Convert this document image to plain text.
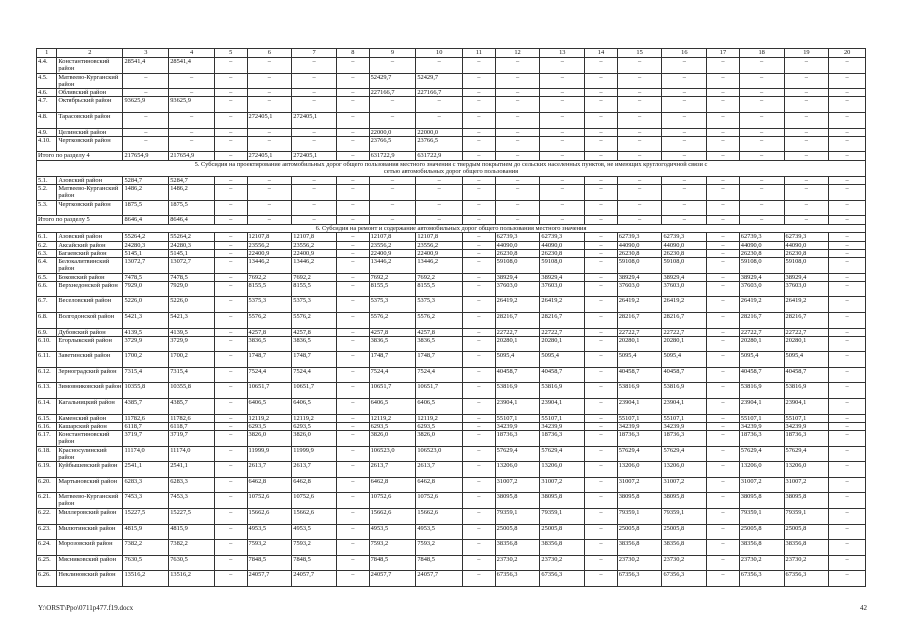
1	2	3	4	5	6	7	8	9	10	11	12	13	14	15	16	17	18	19	20
4.4.	Константиновский район	28541,4	28541,4	–	–	–	–	–	–	–	–	–	–	–	–	–	–	–	–
4.5.	Матвеево-Курганский район	–	–	–	–	–	–	52429,7	52429,7	–	–	–	–	–	–	–	–	–	–
4.6.	Обливский район	–	–	–	–	–	–	227166,7	227166,7	–	–	–	–	–	–	–	–	–	–
4.7.	Октябрьский район	93625,9	93625,9	–	–	–	–	–	–	–	–	–	–	–	–	–	–	–	–
4.8.	Тарасовский район	–	–	–	272405,1	272405,1	–	–	–	–	–	–	–	–	–	–	–	–	–
4.9.	Целинский район	–	–	–	–	–	–	22000,0	22000,0	–	–	–	–	–	–	–	–	–	–
4.10.	Чертковский район	–	–	–	–	–	–	23766,5	23766,5	–	–	–	–	–	–	–	–	–	–
Итого по разделу 4		217654,9	217654,9	–	272405,1	272405,1	–	631722,9	631722,9	–	–	–	–	–	–	–	–	–	–
5. Субсидия на проектирование автомобильных дорог общего пользования местного значения с твердым покрытием до сельских населенных пунктов, не имеющих круглогодичной связи с сетью автомобильных дорог общего пользования																			
5.1.	Азовский район	5284,7	5284,7	–	–	–	–	–	–	–	–	–	–	–	–	–	–	–	–
5.2.	Матвеево-Курганский район	1486,2	1486,2	–	–	–	–	–	–	–	–	–	–	–	–	–	–	–	–
5.3.	Чертковский район	1875,5	1875,5	–	–	–	–	–	–	–	–	–	–	–	–	–	–	–	–
Итого по разделу 5		8646,4	8646,4	–	–	–	–	–	–	–	–	–	–	–	–	–	–	–	–
6. Субсидия на ремонт и содержание автомобильных дорог общего пользования местного значения																			
6.1.	Азовский район	55264,2	55264,2	–	12107,8	12107,8	–	12107,8	12107,8	–	62739,3	62739,3	–	62739,3	62739,3	–	62739,3	62739,3	–
6.2.	Аксайский район	24280,3	24280,3	–	23556,2	23556,2	–	23556,2	23556,2	–	44090,0	44090,0	–	44090,0	44090,0	–	44090,0	44090,0	–
6.3.	Багаевский район	5145,1	5145,1	–	22400,9	22400,9	–	22400,9	22400,9	–	26230,8	26230,8	–	26230,8	26230,8	–	26230,8	26230,8	–
6.4.	Белокалитвинский район	13072,7	13072,7	–	13446,2	13446,2	–	13446,2	13446,2	–	59108,0	59108,0	–	59108,0	59108,0	–	59108,0	59108,0	–
6.5.	Боковский район	7478,5	7478,5	–	7692,2	7692,2	–	7692,2	7692,2	–	38929,4	38929,4	–	38929,4	38929,4	–	38929,4	38929,4	–
6.6.	Верхнедонской район	7929,0	7929,0	–	8155,5	8155,5	–	8155,5	8155,5	–	37603,0	37603,0	–	37603,0	37603,0	–	37603,0	37603,0	–
6.7.	Веселовский район	5226,0	5226,0	–	5375,3	5375,3	–	5375,3	5375,3	–	26419,2	26419,2	–	26419,2	26419,2	–	26419,2	26419,2	–
6.8.	Волгодонской район	5421,3	5421,3	–	5576,2	5576,2	–	5576,2	5576,2	–	28216,7	28216,7	–	28216,7	28216,7	–	28216,7	28216,7	–
6.9.	Дубовский район	4139,5	4139,5	–	4257,8	4257,8	–	4257,8	4257,8	–	22722,7	22722,7	–	22722,7	22722,7	–	22722,7	22722,7	–
6.10.	Егорлыкский район	3729,9	3729,9	–	3836,5	3836,5	–	3836,5	3836,5	–	20280,1	20280,1	–	20280,1	20280,1	–	20280,1	20280,1	–
6.11.	Заветинский район	1700,2	1700,2	–	1748,7	1748,7	–	1748,7	1748,7	–	5095,4	5095,4	–	5095,4	5095,4	–	5095,4	5095,4	–
6.12.	Зерноградский район	7315,4	7315,4	–	7524,4	7524,4	–	7524,4	7524,4	–	40458,7	40458,7	–	40458,7	40458,7	–	40458,7	40458,7	–
6.13.	Зимовниковский район	10355,8	10355,8	–	10651,7	10651,7	–	10651,7	10651,7	–	53816,9	53816,9	–	53816,9	53816,9	–	53816,9	53816,9	–
6.14.	Кагальницкий район	4385,7	4385,7	–	6406,5	6406,5	–	6406,5	6406,5	–	23904,1	23904,1	–	23904,1	23904,1	–	23904,1	23904,1	–
6.15.	Каменский район	11782,6	11782,6	–	12119,2	12119,2	–	12119,2	12119,2	–	55107,1	55107,1	–	55107,1	55107,1	–	55107,1	55107,1	–
6.16.	Кашарский район	6118,7	6118,7	–	6293,5	6293,5	–	6293,5	6293,5	–	34239,9	34239,9	–	34239,9	34239,9	–	34239,9	34239,9	–
6.17.	Константиновский район	3719,7	3719,7	–	3826,0	3826,0	–	3826,0	3826,0	–	18736,3	18736,3	–	18736,3	18736,3	–	18736,3	18736,3	–
6.18.	Красносулинский район	11174,0	11174,0	–	11999,9	11999,9	–	106523,0	106523,0	–	57629,4	57629,4	–	57629,4	57629,4	–	57629,4	57629,4	–
6.19.	Куйбышевский район	2541,1	2541,1	–	2613,7	2613,7	–	2613,7	2613,7	–	13206,0	13206,0	–	13206,0	13206,0	–	13206,0	13206,0	–
6.20.	Мартыновский район	6283,3	6283,3	–	6462,8	6462,8	–	6462,8	6462,8	–	31007,2	31007,2	–	31007,2	31007,2	–	31007,2	31007,2	–
6.21.	Матвеево-Курганский район	7453,3	7453,3	–	10752,6	10752,6	–	10752,6	10752,6	–	38095,8	38095,8	–	38095,8	38095,8	–	38095,8	38095,8	–
6.22.	Миллеровский район	15227,5	15227,5	–	15662,6	15662,6	–	15662,6	15662,6	–	79359,1	79359,1	–	79359,1	79359,1	–	79359,1	79359,1	–
6.23.	Милютинский район	4815,9	4815,9	–	4953,5	4953,5	–	4953,5	4953,5	–	25005,8	25005,8	–	25005,8	25005,8	–	25005,8	25005,8	–
6.24.	Морозовский район	7382,2	7382,2	–	7593,2	7593,2	–	7593,2	7593,2	–	38356,8	38356,8	–	38356,8	38356,8	–	38356,8	38356,8	–
6.25.	Мясниковский район	7630,5	7630,5	–	7848,5	7848,5	–	7848,5	7848,5	–	23730,2	23730,2	–	23730,2	23730,2	–	23730,2	23730,2	–
6.26.	Неклиновский район	13516,2	13516,2	–	24057,7	24057,7	–	24057,7	24057,7	–	67356,3	67356,3	–	67356,3	67356,3	–	67356,3	67356,3	–
Y:\ORST\Ppo\0711p477.f19.docx	42
